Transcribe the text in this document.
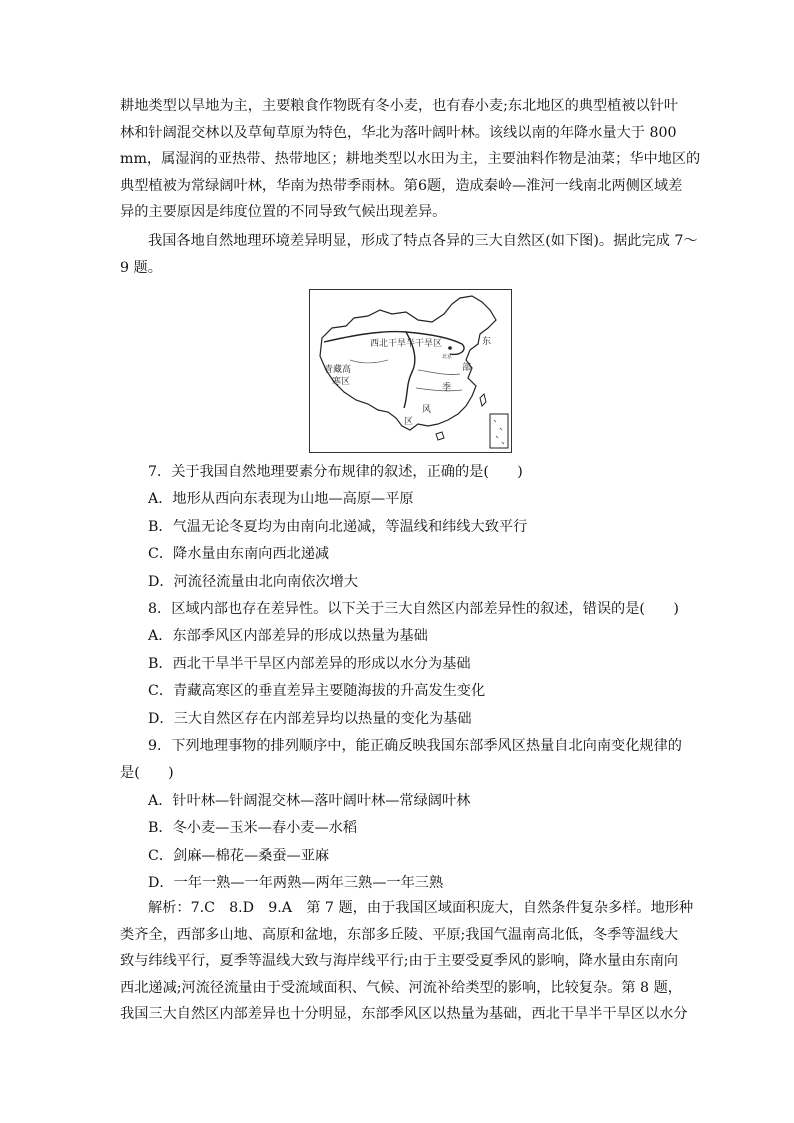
耕地类型以旱地为主，主要粮食作物既有冬小麦，也有春小麦;东北地区的典型植被以针叶
林和针阔混交林以及草甸草原为特色，华北为落叶阔叶林。该线以南的年降水量大于 800
mm，属湿润的亚热带、热带地区；耕地类型以水田为主，主要油料作物是油菜；华中地区的
典型植被为常绿阔叶林，华南为热带季雨林。第6题，造成秦岭—淮河一线南北两侧区域差
异的主要原因是纬度位置的不同导致气候出现差异。
我国各地自然地理环境差异明显，形成了特点各异的三大自然区(如下图)。据此完成 7～
9 题。
西北干旱半干旱区
青藏高
寒区
北京
东
部
季
风
区
7．关于我国自然地理要素分布规律的叙述，正确的是(　　)
A．地形从西向东表现为山地—高原—平原
B．气温无论冬夏均为由南向北递减，等温线和纬线大致平行
C．降水量由东南向西北递减
D．河流径流量由北向南依次增大
8．区域内部也存在差异性。以下关于三大自然区内部差异性的叙述，错误的是(　　)
A．东部季风区内部差异的形成以热量为基础
B．西北干旱半干旱区内部差异的形成以水分为基础
C．青藏高寒区的垂直差异主要随海拔的升高发生变化
D．三大自然区存在内部差异均以热量的变化为基础
9．下列地理事物的排列顺序中，能正确反映我国东部季风区热量自北向南变化规律的
是(　　)
A．针叶林—针阔混交林—落叶阔叶林—常绿阔叶林
B．冬小麦—玉米—春小麦—水稻
C．剑麻—棉花—桑蚕—亚麻
D．一年一熟—一年两熟—两年三熟—一年三熟
解析：7.C　8.D　9.A　第 7 题，由于我国区域面积庞大，自然条件复杂多样。地形种
类齐全，西部多山地、高原和盆地，东部多丘陵、平原;我国气温南高北低，冬季等温线大
致与纬线平行，夏季等温线大致与海岸线平行;由于主要受夏季风的影响，降水量由东南向
西北递减;河流径流量由于受流域面积、气候、河流补给类型的影响，比较复杂。第 8 题，
我国三大自然区内部差异也十分明显，东部季风区以热量为基础，西北干旱半干旱区以水分
